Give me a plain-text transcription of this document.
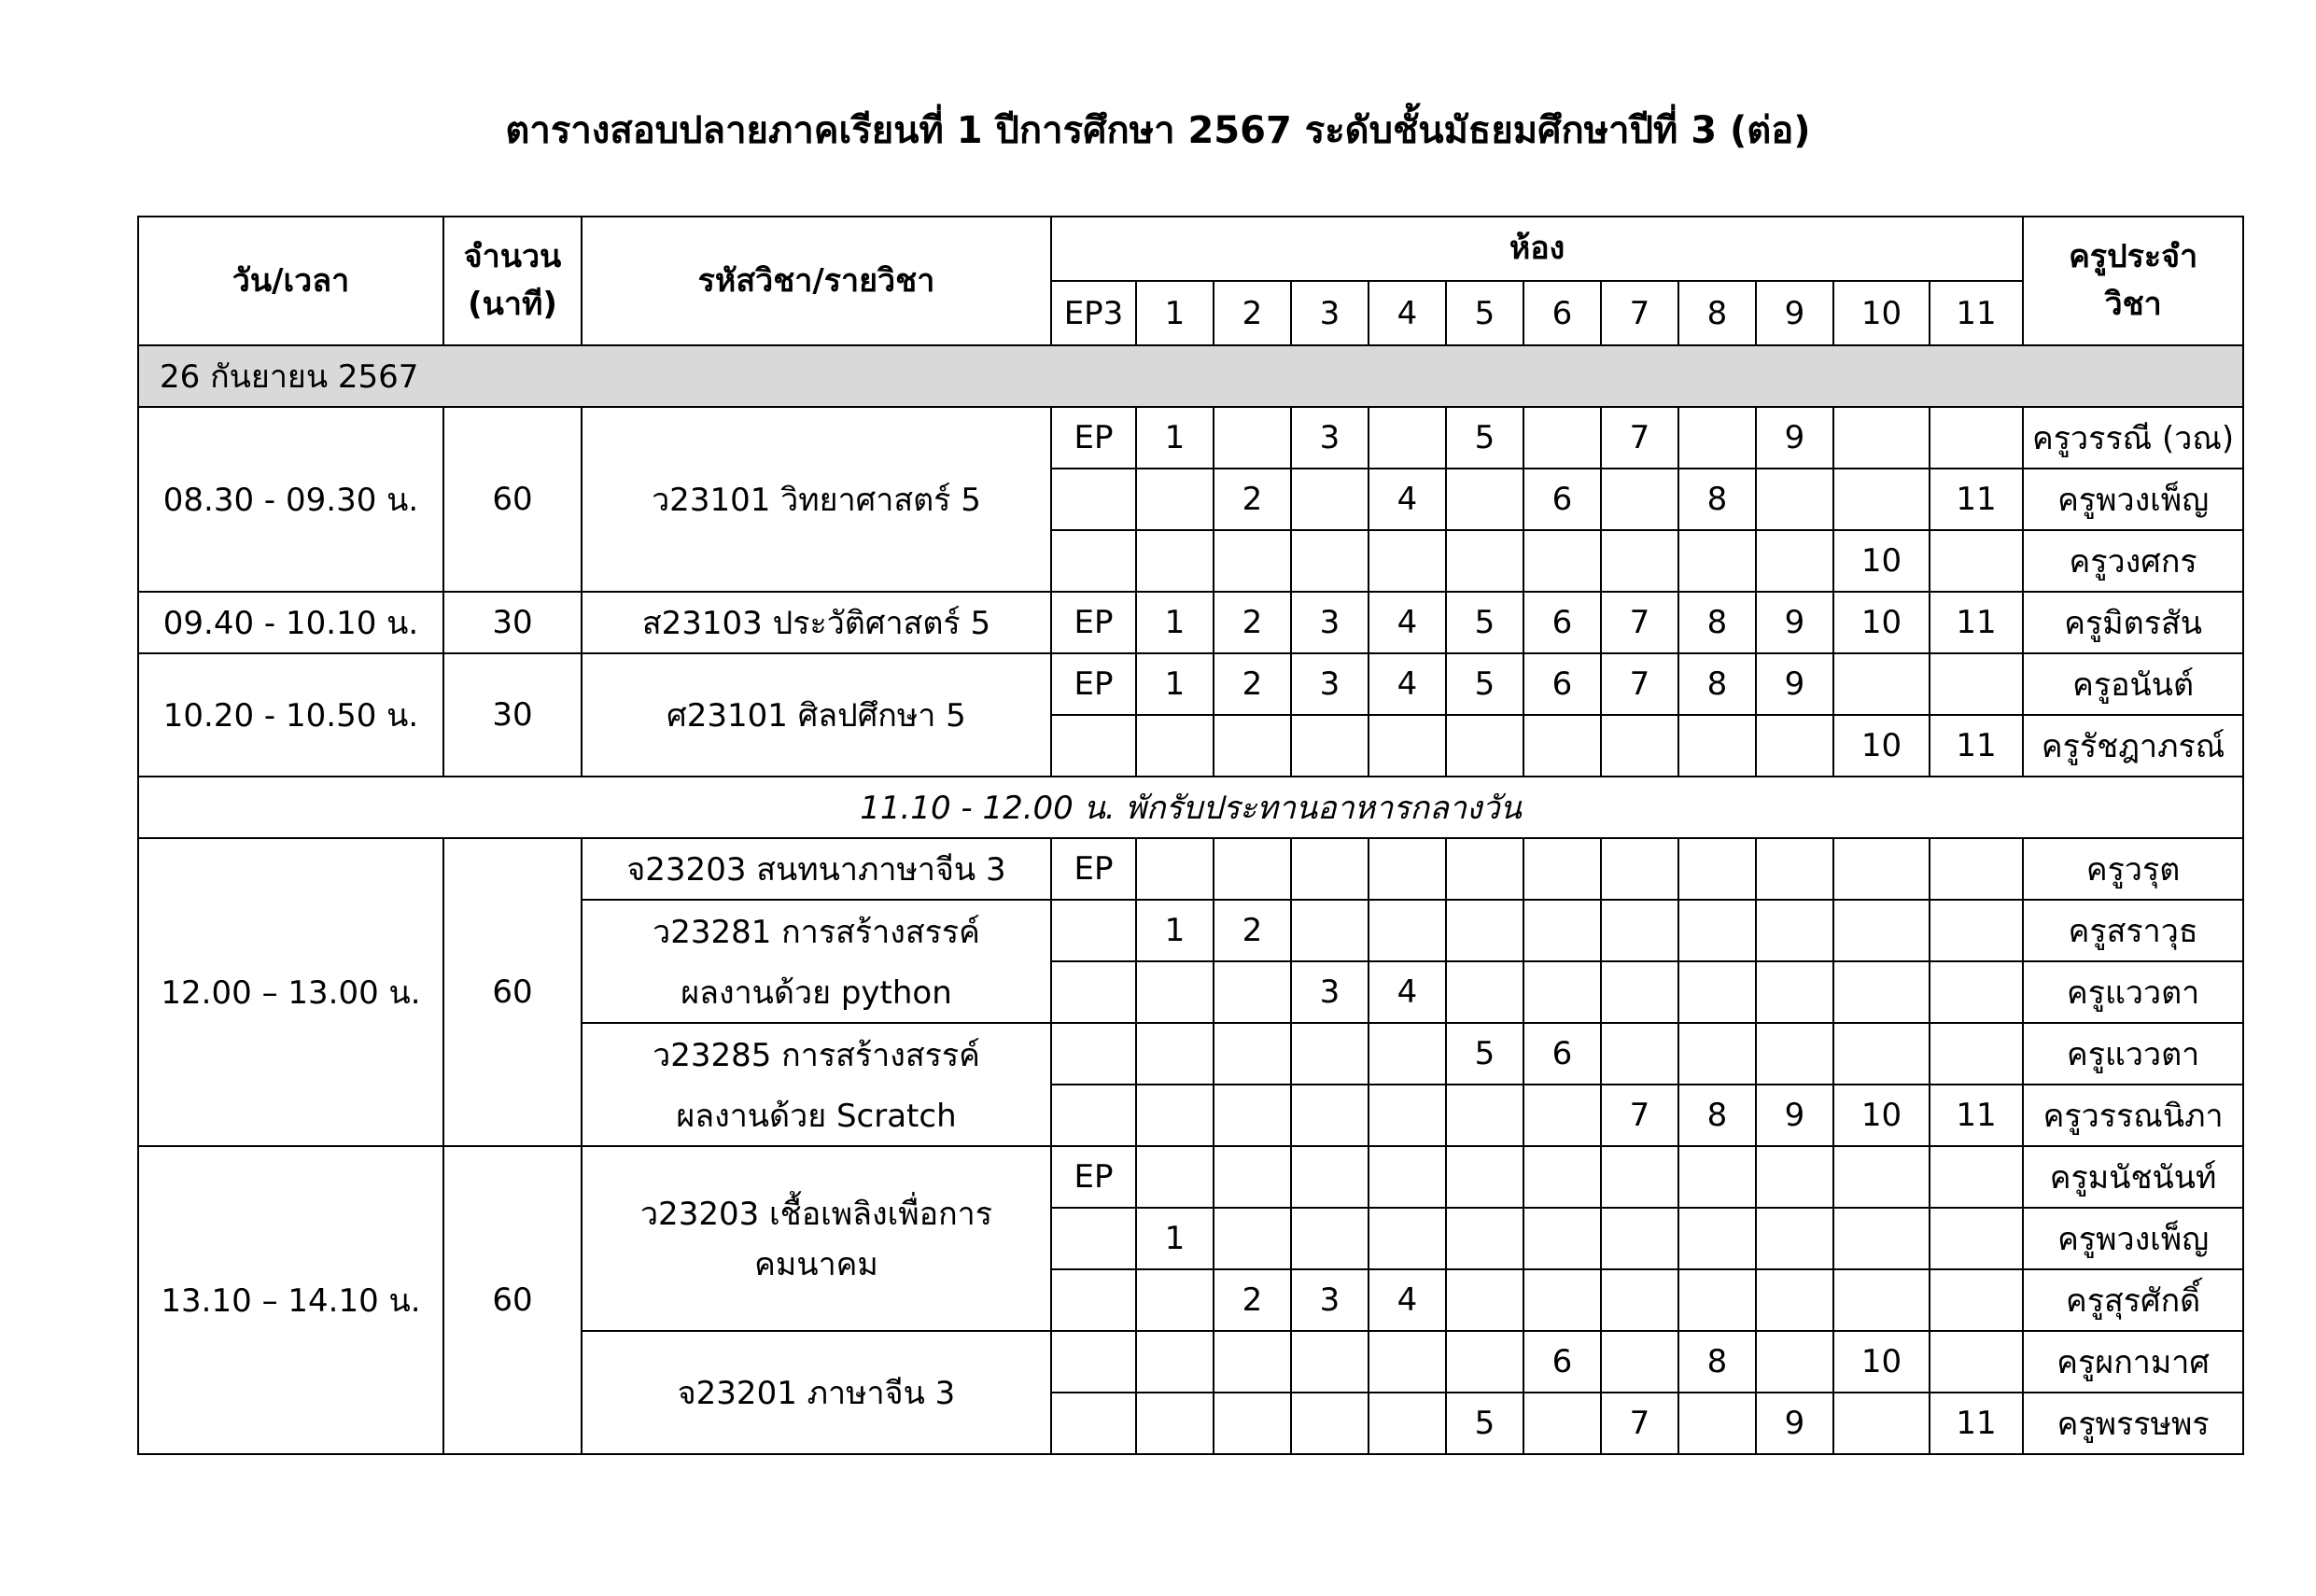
ตารางสอบปลายภาคเรียนที่ 1 ปีการศึกษา 2567 ระดับชั้นมัธยมศึกษาปีที่ 3 (ต่อ)
วัน/เวลา	จำนวน
(นาที)	รหัสวิชา/รายวิชา	ห้อง												ครูประจำ
วิชา
			EP3	1	2	3	4	5	6	7	8	9	10	11	
26 กันยายน 2567															
08.30 - 09.30 น.	60	ว23101 วิทยาศาสตร์ 5	EP	1		3		5		7		9			ครูวรรณี (วณ)
					2		4		6		8			11	ครูพวงเพ็ญ
													10		ครูวงศกร
09.40 - 10.10 น.	30	ส23103 ประวัติศาสตร์ 5	EP	1	2	3	4	5	6	7	8	9	10	11	ครูมิตรสัน
10.20 - 10.50 น.	30	ศ23101 ศิลปศึกษา 5	EP	1	2	3	4	5	6	7	8	9			ครูอนันต์
													10	11	ครูรัชฎาภรณ์
11.10 - 12.00 น. พักรับประทานอาหารกลางวัน															
12.00 – 13.00 น.	60	จ23203 สนทนาภาษาจีน 3	EP												ครูวรุต
		ว23281 การสร้างสรรค์		1	2										ครูสราวุธ
		ผลงานด้วย python				3	4								ครูแววตา
		ว23285 การสร้างสรรค์						5	6						ครูแววตา
		ผลงานด้วย Scratch								7	8	9	10	11	ครูวรรณนิภา
13.10 – 14.10 น.	60	ว23203 เชื้อเพลิงเพื่อการ
คมนาคม	EP												ครูมนัชนันท์
				1											ครูพวงเพ็ญ
					2	3	4								ครูสุรศักดิ์
		จ23201 ภาษาจีน 3							6		8		10		ครูผกามาศ
								5		7		9		11	ครูพรรษพร
